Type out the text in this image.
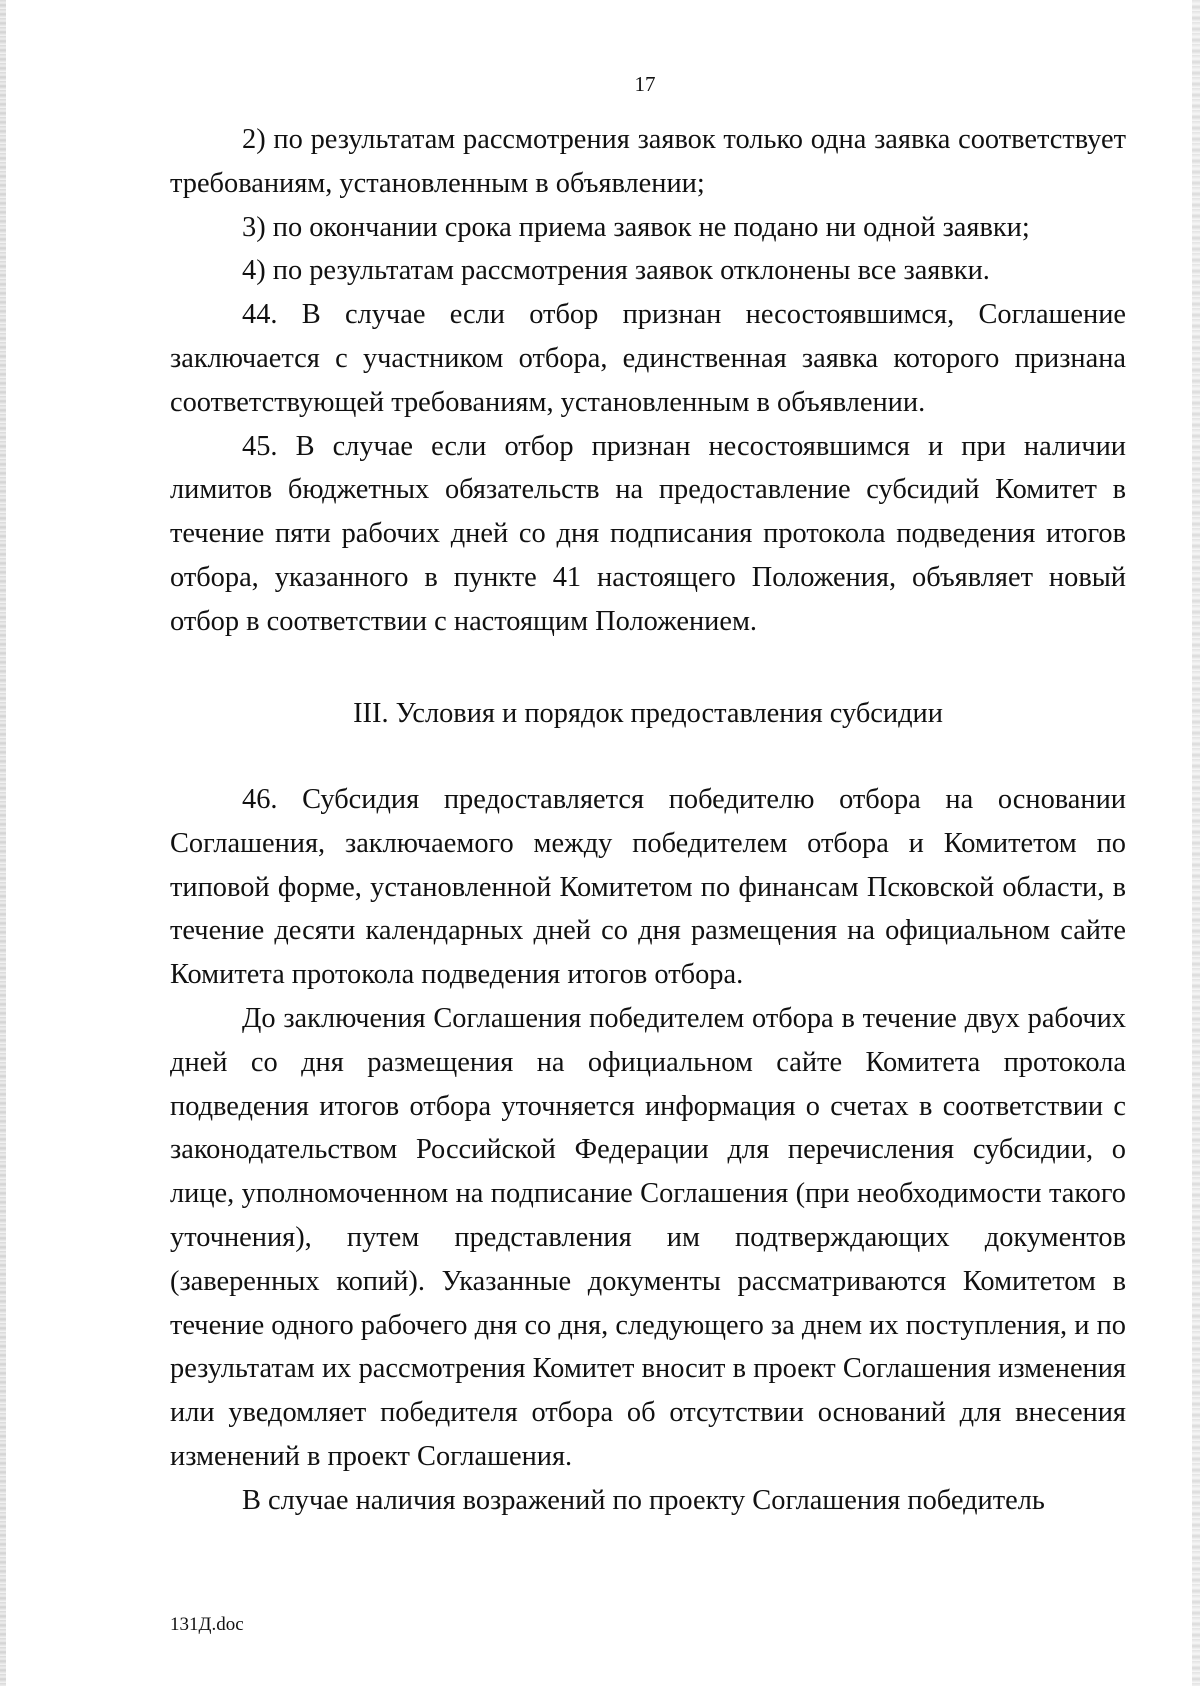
17

2) по результатам рассмотрения заявок только одна заявка соответствует требованиям, установленным в объявлении;

3) по окончании срока приема заявок не подано ни одной заявки;

4) по результатам рассмотрения заявок отклонены все заявки.

44. В случае если отбор признан несостоявшимся, Соглашение заключается с участником отбора, единственная заявка которого признана соответствующей требованиям, установленным в объявлении.

45. В случае если отбор признан несостоявшимся и при наличии лимитов бюджетных обязательств на предоставление субсидий Комитет в течение пяти рабочих дней со дня подписания протокола подведения итогов отбора, указанного в пункте 41 настоящего Положения, объявляет новый отбор в соответствии с настоящим Положением.

III. Условия и порядок предоставления субсидии

46. Субсидия предоставляется победителю отбора на основании Соглашения, заключаемого между победителем отбора и Комитетом по типовой форме, установленной Комитетом по финансам Псковской области, в течение десяти календарных дней со дня размещения на официальном сайте Комитета протокола подведения итогов отбора.

До заключения Соглашения победителем отбора в течение двух рабочих дней со дня размещения на официальном сайте Комитета протокола подведения итогов отбора уточняется информация о счетах в соответствии с законодательством Российской Федерации для перечисления субсидии, о лице, уполномоченном на подписание Соглашения (при необходимости такого уточнения), путем представления им подтверждающих документов (заверенных копий). Указанные документы рассматриваются Комитетом в течение одного рабочего дня со дня, следующего за днем их поступления, и по результатам их рассмотрения Комитет вносит в проект Соглашения изменения или уведомляет победителя отбора об отсутствии оснований для внесения изменений в проект Соглашения.

В случае наличия возражений по проекту Соглашения победитель

131Д.doc
